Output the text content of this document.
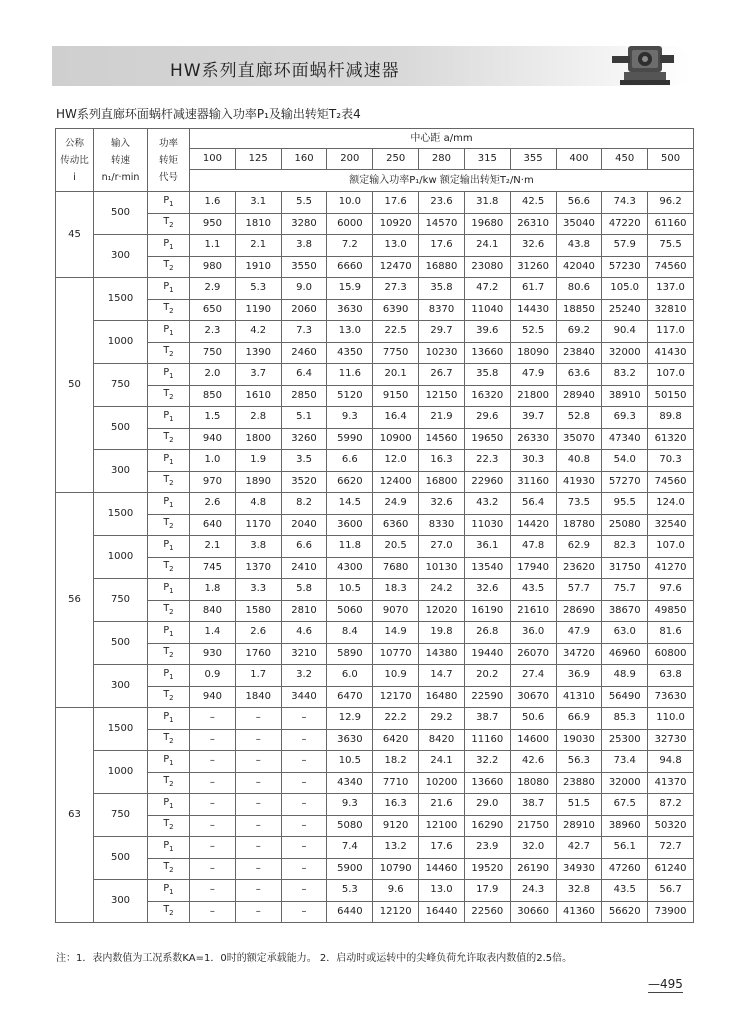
HW系列直廊环面蜗杆减速器
HW系列直廊环面蜗杆减速器输入功率P₁及输出转矩T₂表4
公称
传动比
i	输入
转速
n₁/r·min	功率
转矩
代号	中心距 a/mm										
			100	125	160	200	250	280	315	355	400	450	500
			额定输入功率P₁/kw 额定输出转矩T₂/N·m										
45	500	$P_1$	1.6	3.1	5.5	10.0	17.6	23.6	31.8	42.5	56.6	74.3	96.2
		$T_2$	950	1810	3280	6000	10920	14570	19680	26310	35040	47220	61160
	300	$P_1$	1.1	2.1	3.8	7.2	13.0	17.6	24.1	32.6	43.8	57.9	75.5
		$T_2$	980	1910	3550	6660	12470	16880	23080	31260	42040	57230	74560
50	1500	$P_1$	2.9	5.3	9.0	15.9	27.3	35.8	47.2	61.7	80.6	105.0	137.0
		$T_2$	650	1190	2060	3630	6390	8370	11040	14430	18850	25240	32810
	1000	$P_1$	2.3	4.2	7.3	13.0	22.5	29.7	39.6	52.5	69.2	90.4	117.0
		$T_2$	750	1390	2460	4350	7750	10230	13660	18090	23840	32000	41430
	750	$P_1$	2.0	3.7	6.4	11.6	20.1	26.7	35.8	47.9	63.6	83.2	107.0
		$T_2$	850	1610	2850	5120	9150	12150	16320	21800	28940	38910	50150
	500	$P_1$	1.5	2.8	5.1	9.3	16.4	21.9	29.6	39.7	52.8	69.3	89.8
		$T_2$	940	1800	3260	5990	10900	14560	19650	26330	35070	47340	61320
	300	$P_1$	1.0	1.9	3.5	6.6	12.0	16.3	22.3	30.3	40.8	54.0	70.3
		$T_2$	970	1890	3520	6620	12400	16800	22960	31160	41930	57270	74560
56	1500	$P_1$	2.6	4.8	8.2	14.5	24.9	32.6	43.2	56.4	73.5	95.5	124.0
		$T_2$	640	1170	2040	3600	6360	8330	11030	14420	18780	25080	32540
	1000	$P_1$	2.1	3.8	6.6	11.8	20.5	27.0	36.1	47.8	62.9	82.3	107.0
		$T_2$	745	1370	2410	4300	7680	10130	13540	17940	23620	31750	41270
	750	$P_1$	1.8	3.3	5.8	10.5	18.3	24.2	32.6	43.5	57.7	75.7	97.6
		$T_2$	840	1580	2810	5060	9070	12020	16190	21610	28690	38670	49850
	500	$P_1$	1.4	2.6	4.6	8.4	14.9	19.8	26.8	36.0	47.9	63.0	81.6
		$T_2$	930	1760	3210	5890	10770	14380	19440	26070	34720	46960	60800
	300	$P_1$	0.9	1.7	3.2	6.0	10.9	14.7	20.2	27.4	36.9	48.9	63.8
		$T_2$	940	1840	3440	6470	12170	16480	22590	30670	41310	56490	73630
63	1500	$P_1$	–	–	–	12.9	22.2	29.2	38.7	50.6	66.9	85.3	110.0
		$T_2$	–	–	–	3630	6420	8420	11160	14600	19030	25300	32730
	1000	$P_1$	–	–	–	10.5	18.2	24.1	32.2	42.6	56.3	73.4	94.8
		$T_2$	–	–	–	4340	7710	10200	13660	18080	23880	32000	41370
	750	$P_1$	–	–	–	9.3	16.3	21.6	29.0	38.7	51.5	67.5	87.2
		$T_2$	–	–	–	5080	9120	12100	16290	21750	28910	38960	50320
	500	$P_1$	–	–	–	7.4	13.2	17.6	23.9	32.0	42.7	56.1	72.7
		$T_2$	–	–	–	5900	10790	14460	19520	26190	34930	47260	61240
	300	$P_1$	–	–	–	5.3	9.6	13.0	17.9	24.3	32.8	43.5	56.7
		$T_2$	–	–	–	6440	12120	16440	22560	30660	41360	56620	73900
注：1．表内数值为工况系数KA=1．0时的额定承载能力。 2．启动时或运转中的尖峰负荷允许取表内数值的2.5倍。
—495
